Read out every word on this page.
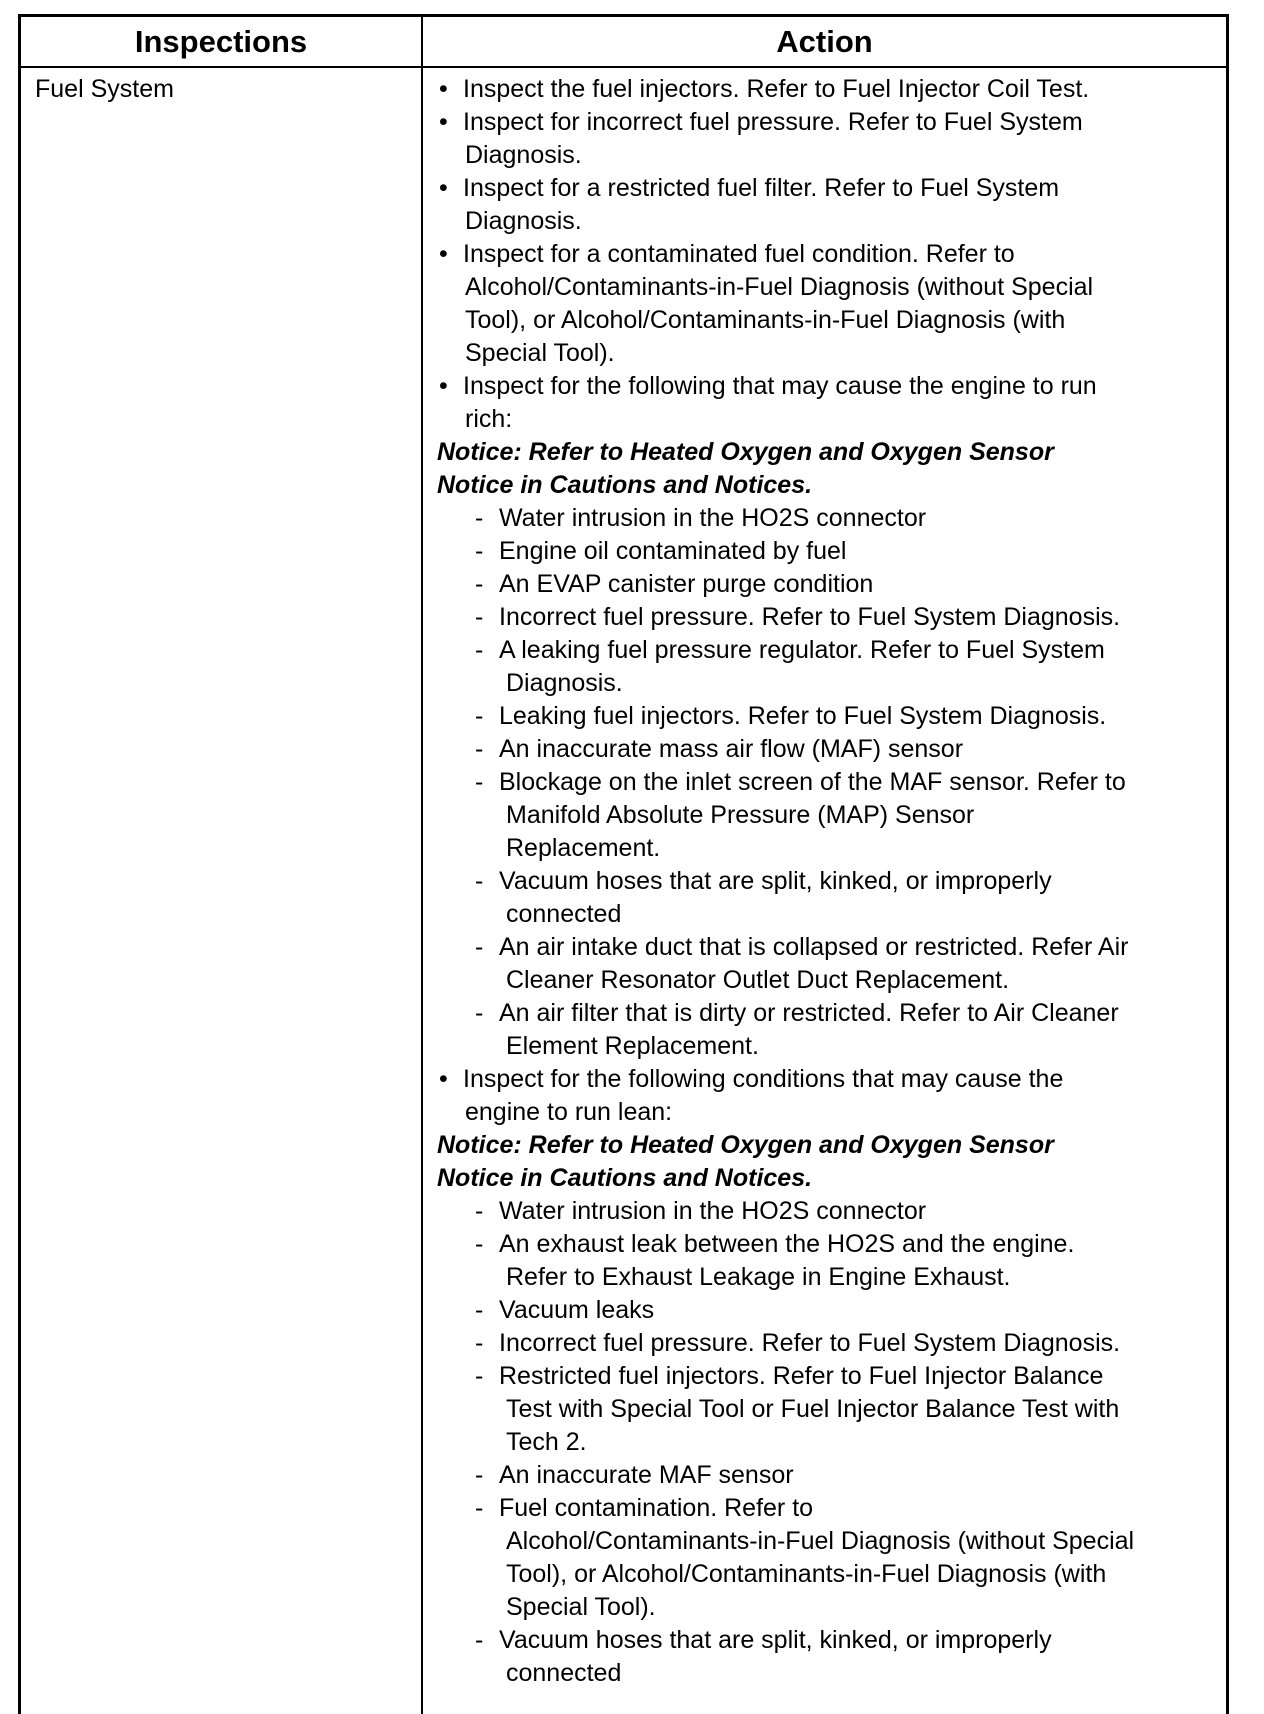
Inspections	Action
Fuel System	• Inspect the fuel injectors. Refer to Fuel Injector Coil Test.
• Inspect for incorrect fuel pressure. Refer to Fuel System
Diagnosis.
• Inspect for a restricted fuel filter. Refer to Fuel System
Diagnosis.
• Inspect for a contaminated fuel condition. Refer to
Alcohol/Contaminants-in-Fuel Diagnosis (without Special
Tool), or Alcohol/Contaminants-in-Fuel Diagnosis (with
Special Tool).
• Inspect for the following that may cause the engine to run
rich:
Notice: Refer to Heated Oxygen and Oxygen Sensor
Notice in Cautions and Notices.
- Water intrusion in the HO2S connector
- Engine oil contaminated by fuel
- An EVAP canister purge condition
- Incorrect fuel pressure. Refer to Fuel System Diagnosis.
- A leaking fuel pressure regulator. Refer to Fuel System
Diagnosis.
- Leaking fuel injectors. Refer to Fuel System Diagnosis.
- An inaccurate mass air flow (MAF) sensor
- Blockage on the inlet screen of the MAF sensor. Refer to
Manifold Absolute Pressure (MAP) Sensor
Replacement.
- Vacuum hoses that are split, kinked, or improperly
connected
- An air intake duct that is collapsed or restricted. Refer Air
Cleaner Resonator Outlet Duct Replacement.
- An air filter that is dirty or restricted. Refer to Air Cleaner
Element Replacement.
• Inspect for the following conditions that may cause the
engine to run lean:
Notice: Refer to Heated Oxygen and Oxygen Sensor
Notice in Cautions and Notices.
- Water intrusion in the HO2S connector
- An exhaust leak between the HO2S and the engine.
Refer to Exhaust Leakage in Engine Exhaust.
- Vacuum leaks
- Incorrect fuel pressure. Refer to Fuel System Diagnosis.
- Restricted fuel injectors. Refer to Fuel Injector Balance
Test with Special Tool or Fuel Injector Balance Test with
Tech 2.
- An inaccurate MAF sensor
- Fuel contamination. Refer to
Alcohol/Contaminants-in-Fuel Diagnosis (without Special
Tool), or Alcohol/Contaminants-in-Fuel Diagnosis (with
Special Tool).
- Vacuum hoses that are split, kinked, or improperly
connected
